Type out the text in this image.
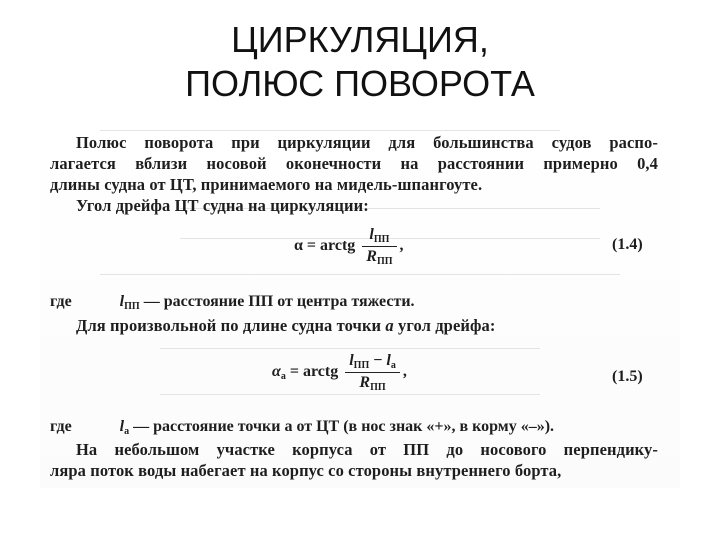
ЦИРКУЛЯЦИЯ,
ПОЛЮС ПОВОРОТА
Полюс поворота при циркуляции для большинства судов распо-
лагается вблизи носовой оконечности на расстоянии примерно 0,4
длины судна от ЦТ, принимаемого на мидель-шпангоуте.
Угол дрейфа ЦТ судна на циркуляции:
α = arctg $\frac{l_{ПП}}{R_{ПП}}$ ,	(1.4)
где	$l_{ПП}$ — расстояние ПП от центра тяжести.
Для произвольной по длине судна точки a угол дрейфа:
$\alpha_a$ = arctg $\frac{l_{ПП} - l_a}{R_{ПП}}$ ,	(1.5)
где	$l_a$ — расстояние точки a от ЦТ (в нос знак «+», в корму «–»).
На небольшом участке корпуса от ПП до носового перпендику-
ляра поток воды набегает на корпус со стороны внутреннего борта,
